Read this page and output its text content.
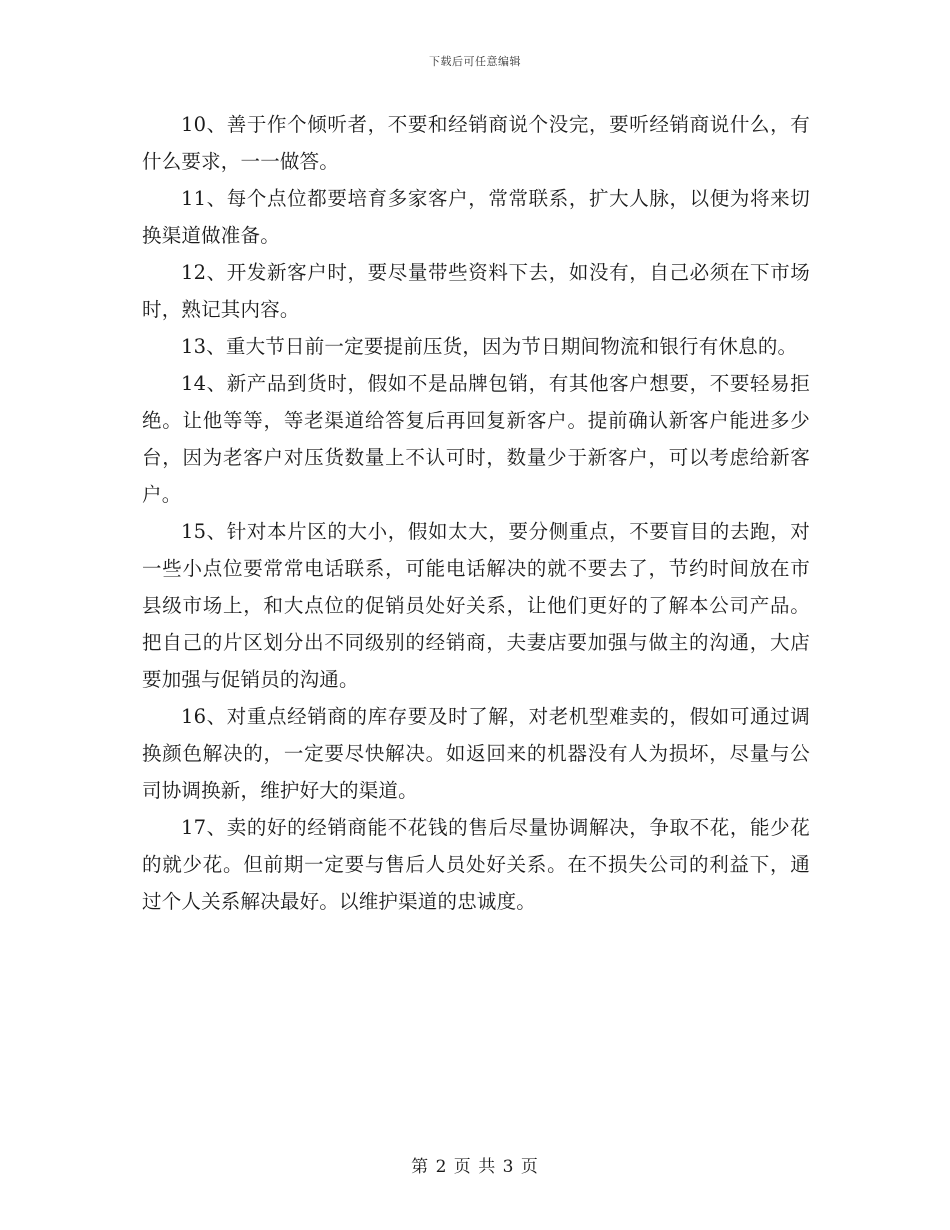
下载后可任意编辑

10、善于作个倾听者，不要和经销商说个没完，要听经销商说什么，有什么要求，一一做答。

11、每个点位都要培育多家客户，常常联系，扩大人脉，以便为将来切换渠道做准备。

12、开发新客户时，要尽量带些资料下去，如没有，自己必须在下市场时，熟记其内容。

13、重大节日前一定要提前压货，因为节日期间物流和银行有休息的。

14、新产品到货时，假如不是品牌包销，有其他客户想要，不要轻易拒绝。让他等等，等老渠道给答复后再回复新客户。提前确认新客户能进多少台，因为老客户对压货数量上不认可时，数量少于新客户，可以考虑给新客户。

15、针对本片区的大小，假如太大，要分侧重点，不要盲目的去跑，对一些小点位要常常电话联系，可能电话解决的就不要去了，节约时间放在市县级市场上，和大点位的促销员处好关系，让他们更好的了解本公司产品。把自己的片区划分出不同级别的经销商，夫妻店要加强与做主的沟通，大店要加强与促销员的沟通。

16、对重点经销商的库存要及时了解，对老机型难卖的，假如可通过调换颜色解决的，一定要尽快解决。如返回来的机器没有人为损坏，尽量与公司协调换新，维护好大的渠道。

17、卖的好的经销商能不花钱的售后尽量协调解决，争取不花，能少花的就少花。但前期一定要与售后人员处好关系。在不损失公司的利益下，通过个人关系解决最好。以维护渠道的忠诚度。

第 2 页 共 3 页
